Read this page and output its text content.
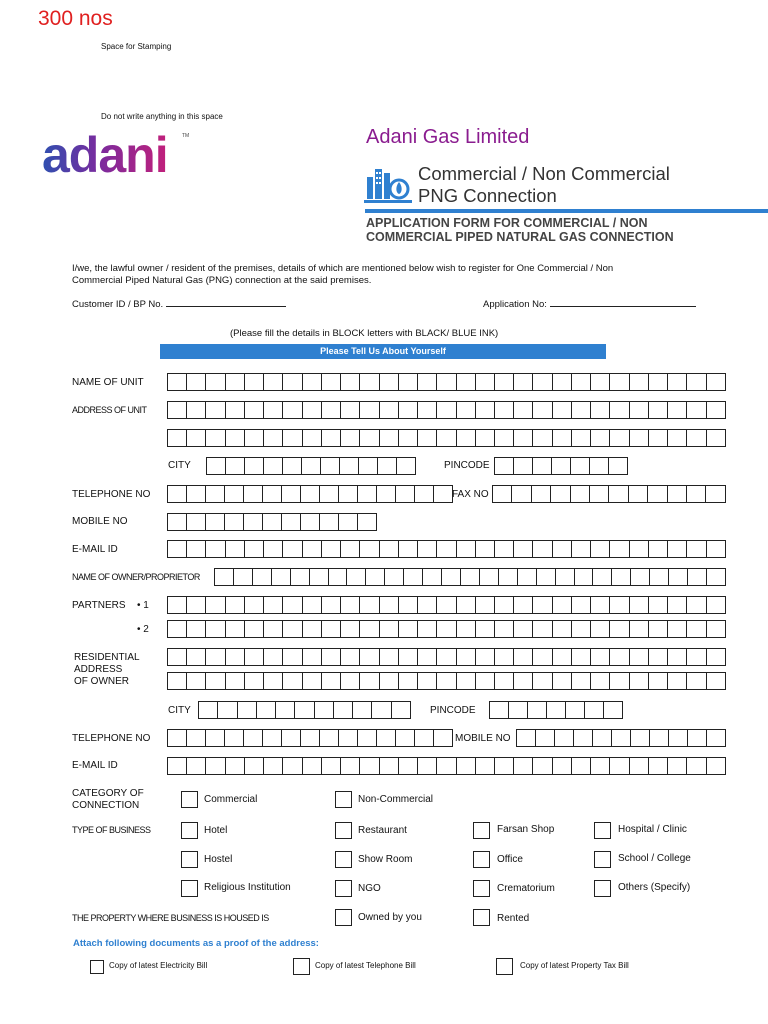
300 nos
Space for Stamping
Do not write anything in this space
adani	TM	Adani Gas Limited
Commercial / Non Commercial
PNG Connection
APPLICATION FORM FOR COMMERCIAL / NON
COMMERCIAL PIPED NATURAL GAS CONNECTION
I/we, the lawful owner / resident of the premises, details of which are mentioned below wish to register for One Commercial / Non
Commercial Piped Natural Gas (PNG) connection at the said premises.
Customer ID / BP No.	Application No:
(Please fill the details in BLOCK letters with BLACK/ BLUE INK)
Please Tell Us About Yourself
NAME OF UNIT
ADDRESS OF UNIT
CITY	PINCODE
TELEPHONE NO	FAX NO
MOBILE NO
E-MAIL ID
NAME OF OWNER/PROPRIETOR
PARTNERS • 1
• 2
RESIDENTIAL
ADDRESS
OF OWNER
CITY	PINCODE
TELEPHONE NO	MOBILE NO
E-MAIL ID
CATEGORY OF
CONNECTION
Commercial	Non-Commercial
TYPE OF BUSINESS	Hotel	Restaurant	Farsan Shop	Hospital / Clinic
Hostel	Show Room	Office	School / College
Religious Institution	NGO	Crematorium	Others (Specify)
THE PROPERTY WHERE BUSINESS IS HOUSED IS	Owned by you	Rented
Attach following documents as a proof of the address:
Copy of latest Electricity Bill	Copy of latest Telephone Bill	Copy of latest Property Tax Bill
